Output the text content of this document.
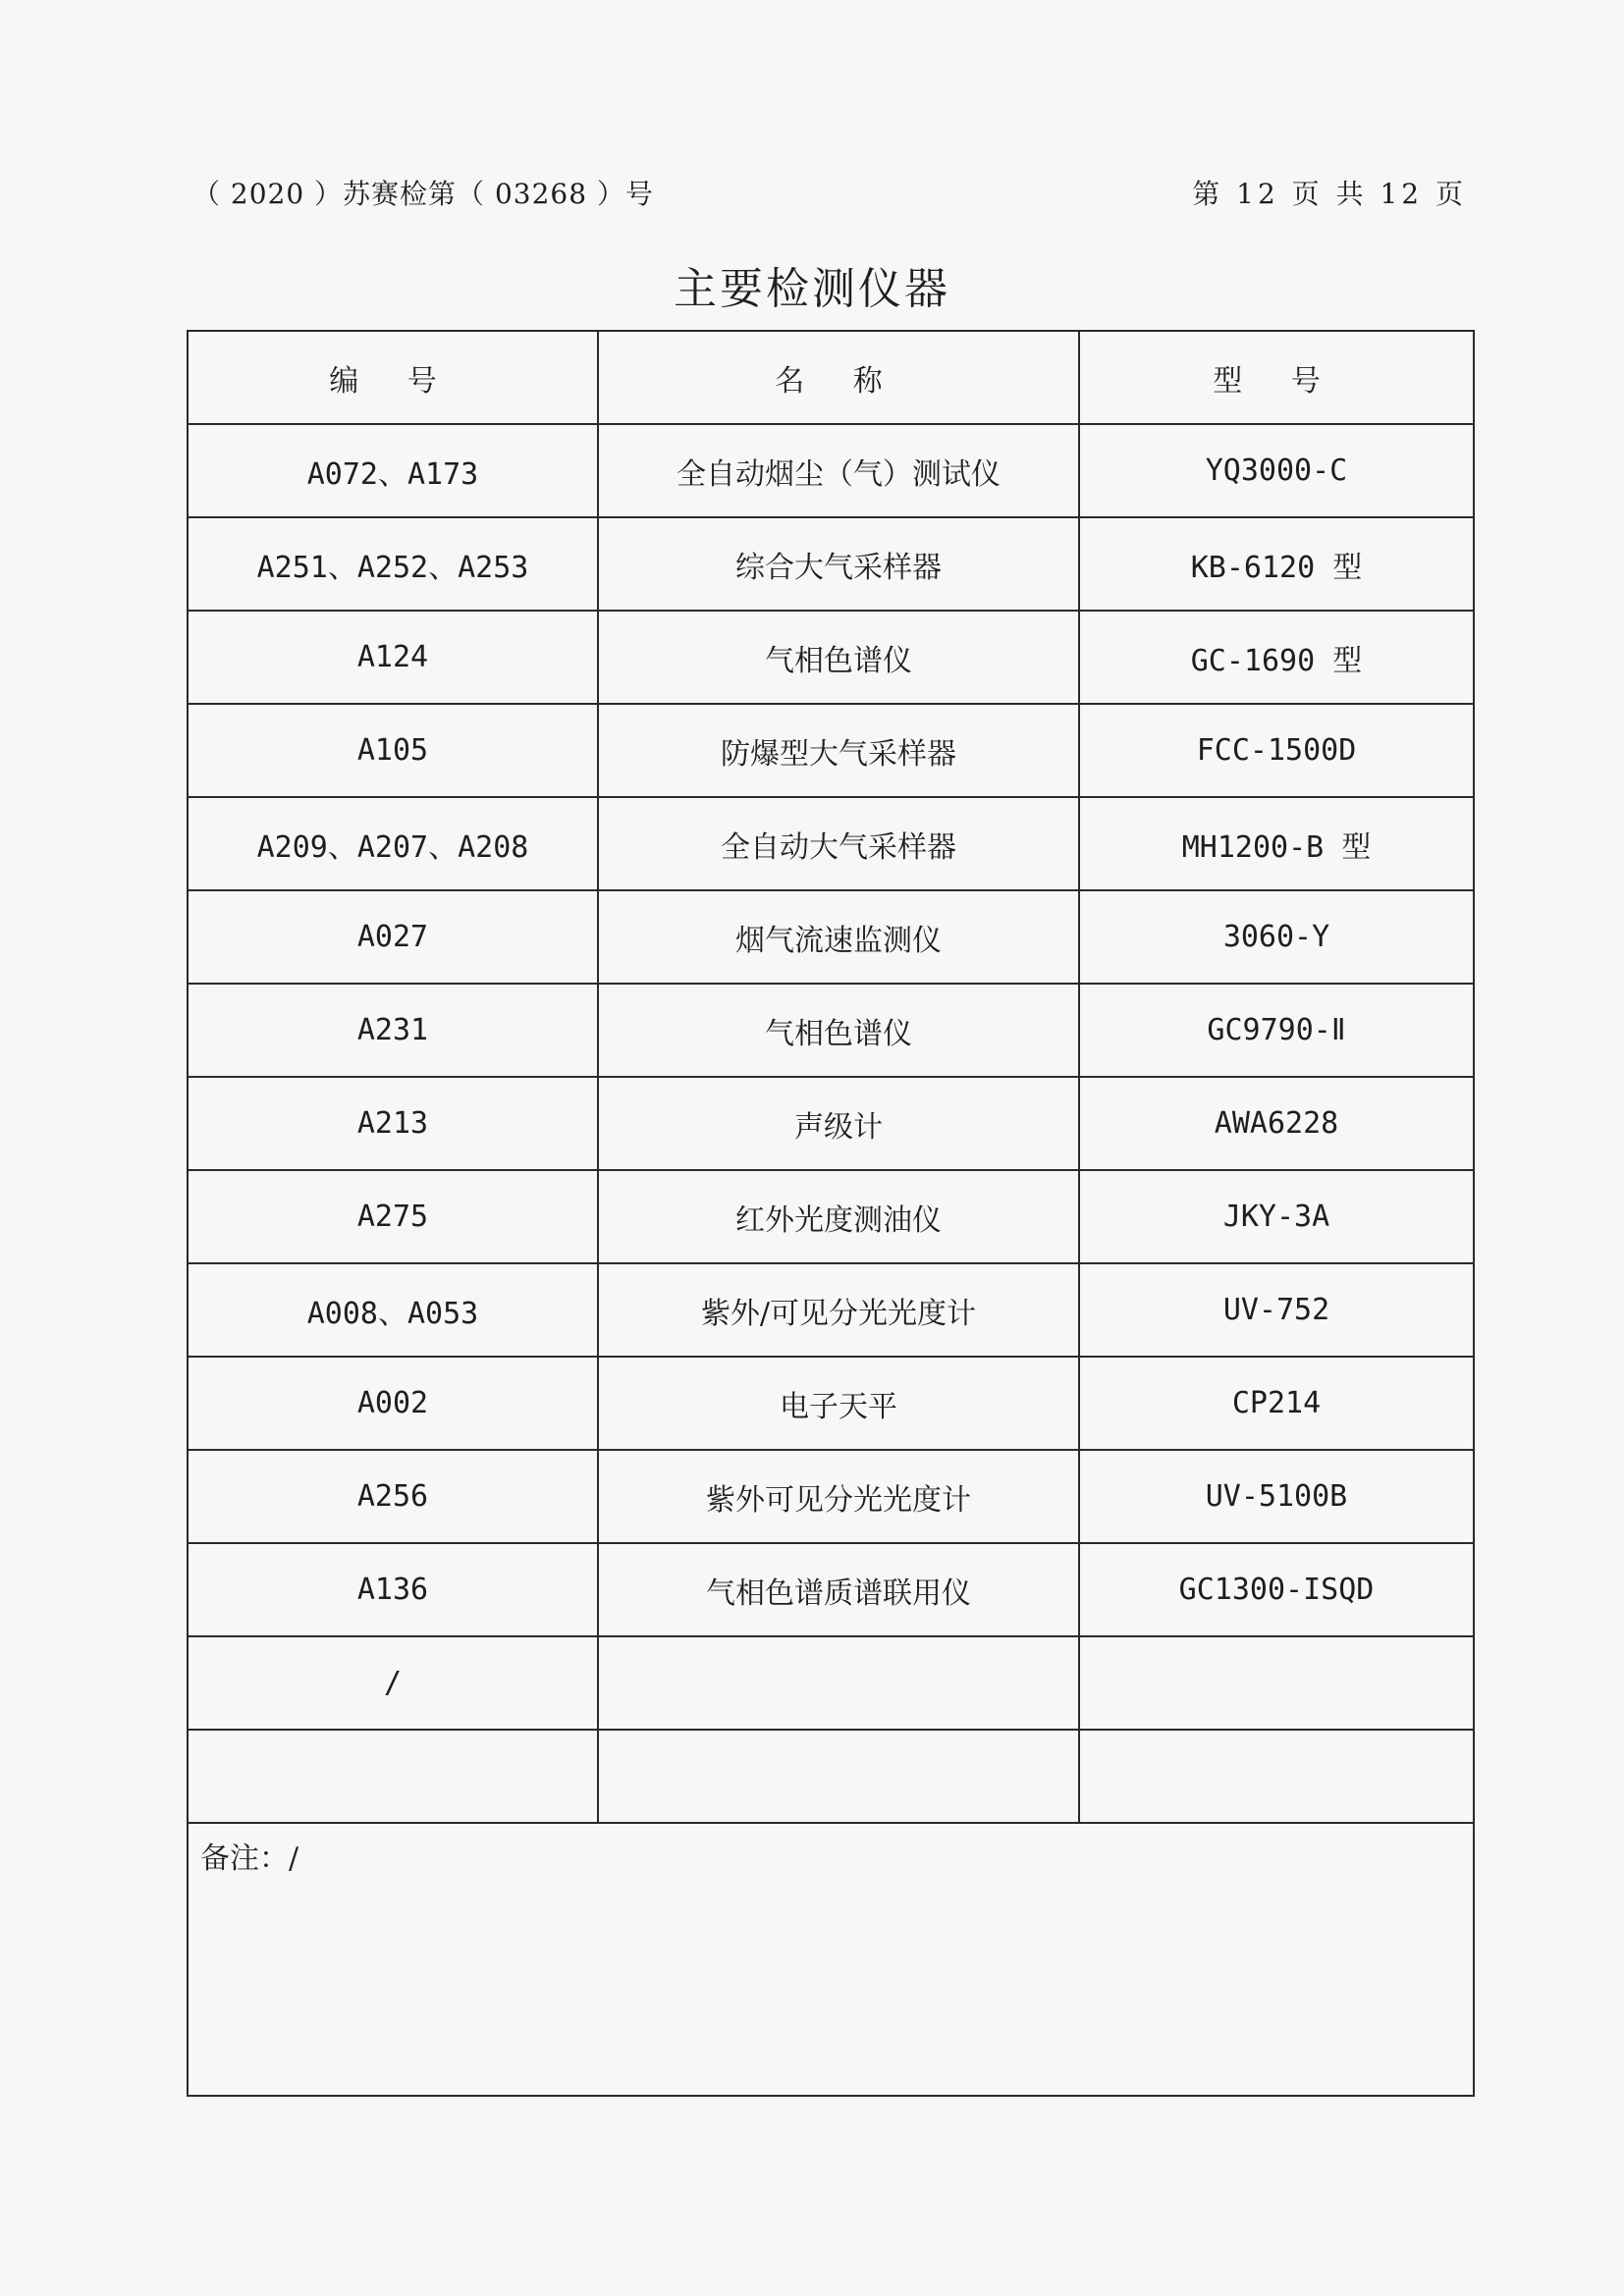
（ 2020 ）苏赛检第（ 03268 ）号	第 12 页 共 12 页
主要检测仪器
编 号	名 称	型 号
A072、A173	全自动烟尘（气）测试仪	YQ3000-C
A251、A252、A253	综合大气采样器	KB-6120 型
A124	气相色谱仪	GC-1690 型
A105	防爆型大气采样器	FCC-1500D
A209、A207、A208	全自动大气采样器	MH1200-B 型
A027	烟气流速监测仪	3060-Y
A231	气相色谱仪	GC9790-Ⅱ
A213	声级计	AWA6228
A275	红外光度测油仪	JKY-3A
A008、A053	紫外/可见分光光度计	UV-752
A002	电子天平	CP214
A256	紫外可见分光光度计	UV-5100B
A136	气相色谱质谱联用仪	GC1300-ISQD
/		

备注：/		
